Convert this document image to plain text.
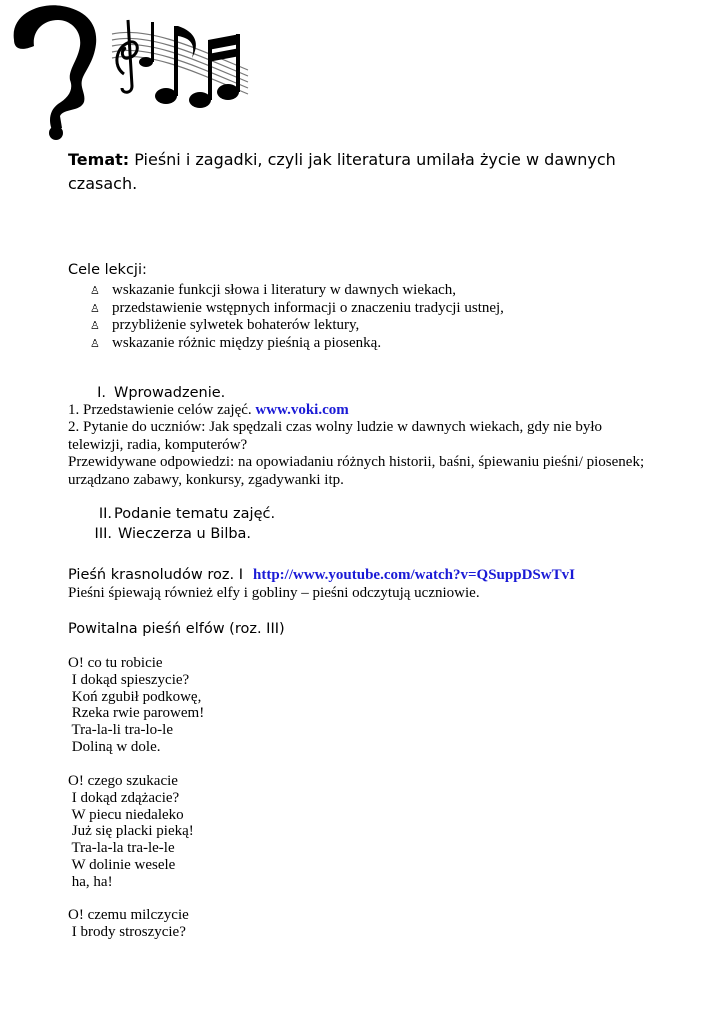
Temat: Pieśni i zagadki, czyli jak literatura umilała życie w dawnych czasach.
Cele lekcji:
♙ wskazanie funkcji słowa i literatury w dawnych wiekach,
♙ przedstawienie wstępnych informacji o znaczeniu tradycji ustnej,
♙ przybliżenie sylwetek bohaterów lektury,
♙ wskazanie różnic między pieśnią a piosenką.
I. Wprowadzenie.
1. Przedstawienie celów zajęć. www.voki.com
2. Pytanie do uczniów: Jak spędzali czas wolny ludzie w dawnych wiekach, gdy nie było telewizji, radia, komputerów?
Przewidywane odpowiedzi: na opowiadaniu różnych historii, baśni, śpiewaniu pieśni/ piosenek; urządzano zabawy, konkursy, zgadywanki itp.
II. Podanie tematu zajęć.
III. Wieczerza u Bilba.
Pieśń krasnoludów roz. I http://www.youtube.com/watch?v=QSuppDSwTvI
Pieśni śpiewają również elfy i gobliny – pieśni odczytują uczniowie.
Powitalna pieśń elfów (roz. III)
O! co tu robicie
I dokąd spieszycie?
Koń zgubił podkowę,
Rzeka rwie parowem!
Tra-la-li tra-lo-le
Doliną w dole.
O! czego szukacie
I dokąd zdążacie?
W piecu niedaleko
Już się placki pieką!
Tra-la-la tra-le-le
W dolinie wesele
ha, ha!
O! czemu milczycie
I brody stroszycie?
